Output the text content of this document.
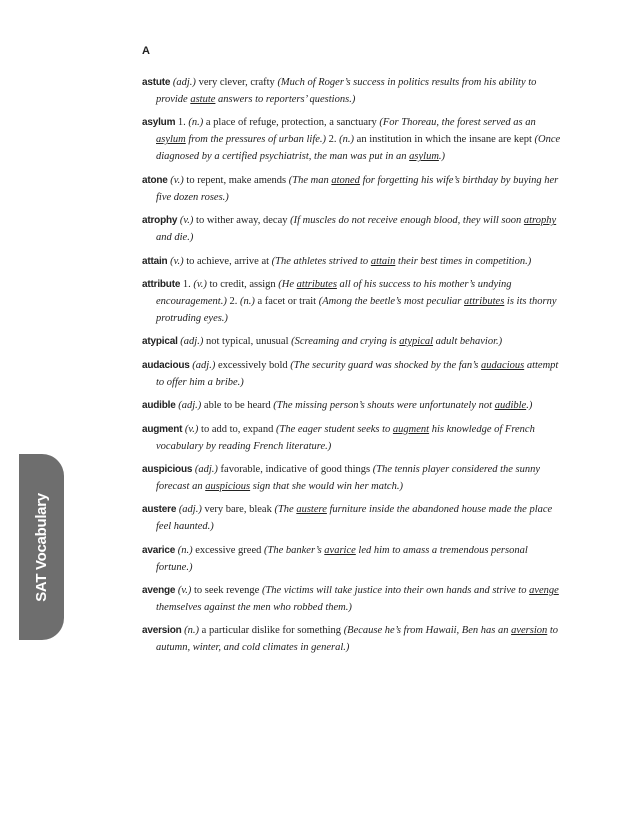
SAT Vocabulary
A

astute (adj.) very clever, crafty (Much of Roger’s success in politics results from his ability to provide astute answers to reporters’ questions.)

asylum 1. (n.) a place of refuge, protection, a sanctuary (For Thoreau, the forest served as an asylum from the pressures of urban life.) 2. (n.) an institution in which the insane are kept (Once diagnosed by a certified psychiatrist, the man was put in an asylum.)

atone (v.) to repent, make amends (The man atoned for forgetting his wife’s birthday by buying her five dozen roses.)

atrophy (v.) to wither away, decay (If muscles do not receive enough blood, they will soon atrophy and die.)

attain (v.) to achieve, arrive at (The athletes strived to attain their best times in competition.)

attribute 1. (v.) to credit, assign (He attributes all of his success to his mother’s undying encouragement.) 2. (n.) a facet or trait (Among the beetle’s most peculiar attributes is its thorny protruding eyes.)

atypical (adj.) not typical, unusual (Screaming and crying is atypical adult behavior.)

audacious (adj.) excessively bold (The security guard was shocked by the fan’s audacious attempt to offer him a bribe.)

audible (adj.) able to be heard (The missing person’s shouts were unfortunately not audible.)

augment (v.) to add to, expand (The eager student seeks to augment his knowledge of French vocabulary by reading French literature.)

auspicious (adj.) favorable, indicative of good things (The tennis player considered the sunny forecast an auspicious sign that she would win her match.)

austere (adj.) very bare, bleak (The austere furniture inside the abandoned house made the place feel haunted.)

avarice (n.) excessive greed (The banker’s avarice led him to amass a tremendous personal fortune.)

avenge (v.) to seek revenge (The victims will take justice into their own hands and strive to avenge themselves against the men who robbed them.)

aversion (n.) a particular dislike for something (Because he’s from Hawaii, Ben has an aversion to autumn, winter, and cold climates in general.)
